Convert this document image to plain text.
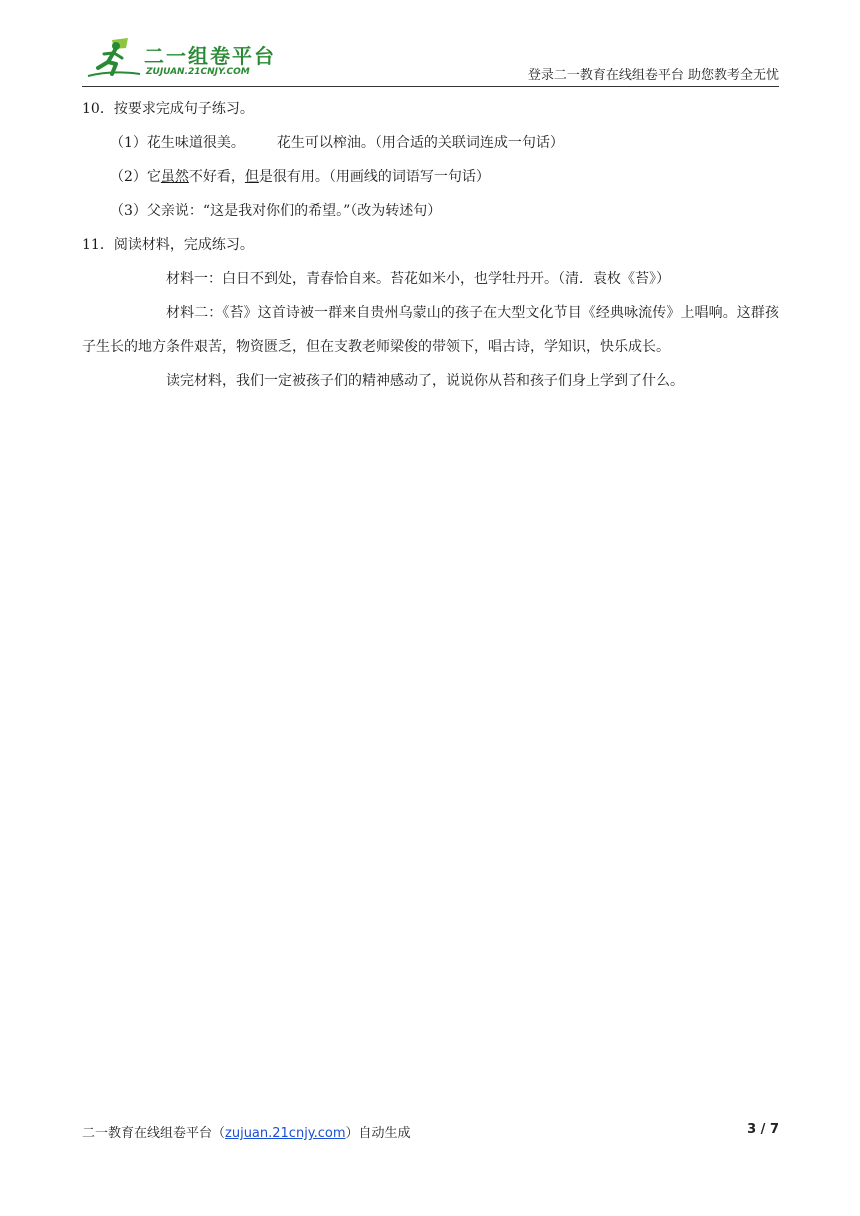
二一组卷平台
ZUJUAN.21CNJY.COM	登录二一教育在线组卷平台 助您教考全无忧
10．按要求完成句子练习。
（1）花生味道很美。 花生可以榨油。（用合适的关联词连成一句话）
（2）它虽然不好看，但是很有用。（用画线的词语写一句话）
（3）父亲说：“这是我对你们的希望。”（改为转述句）
11．阅读材料，完成练习。
材料一：白日不到处，青春恰自来。苔花如米小，也学牡丹开。（清．袁枚《苔》）
材料二：《苔》这首诗被一群来自贵州乌蒙山的孩子在大型文化节目《经典咏流传》上唱响。这群孩子生长的地方条件艰苦，物资匮乏，但在支教老师梁俊的带领下，唱古诗，学知识，快乐成长。
读完材料，我们一定被孩子们的精神感动了，说说你从苔和孩子们身上学到了什么。
二一教育在线组卷平台（zujuan.21cnjy.com）自动生成	3 / 7
